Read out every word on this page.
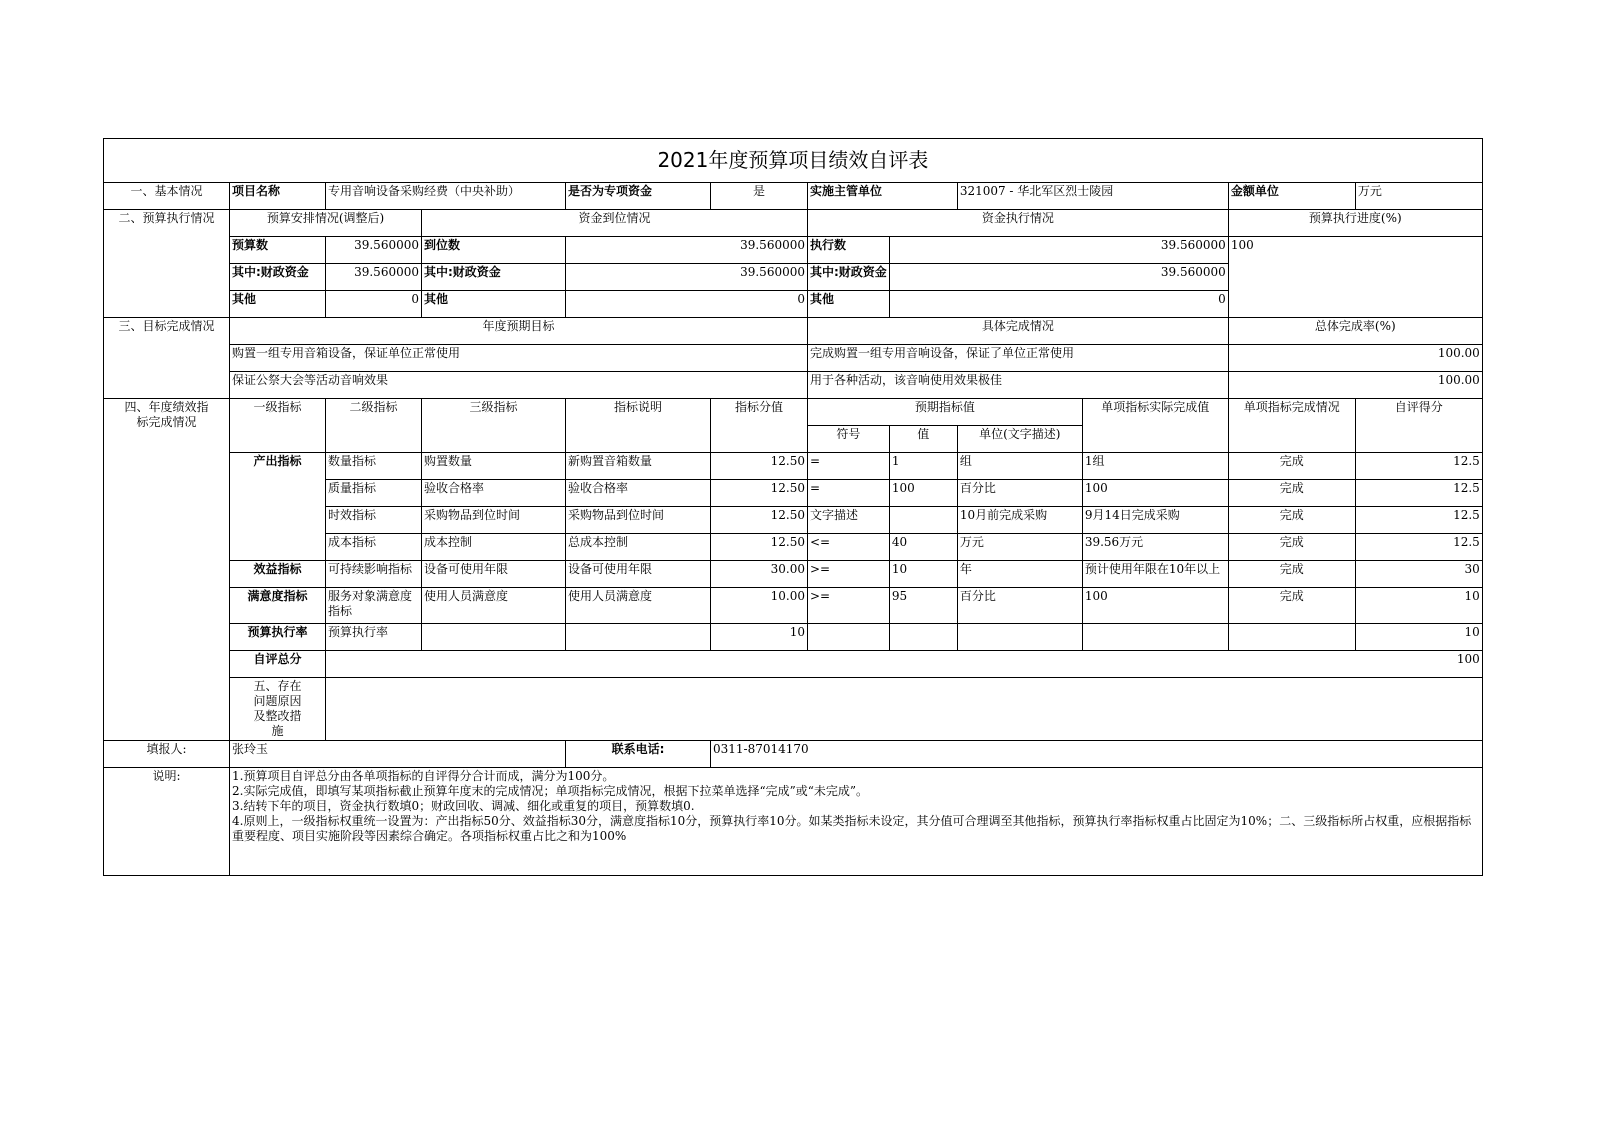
2021年度预算项目绩效自评表											
一、基本情况	项目名称	专用音响设备采购经费（中央补助）		是否为专项资金	是	实施主管单位		321007 - 华北军区烈士陵园		金额单位	万元
二、预算执行情况	预算安排情况(调整后)		资金到位情况			资金执行情况				预算执行进度(%)	
	预算数	39.560000	到位数	39.560000		执行数	39.560000			100	
	其中:财政资金	39.560000	其中:财政资金	39.560000		其中:财政资金	39.560000				
	其他	0	其他	0		其他	0				
三、目标完成情况	年度预期目标					具体完成情况				总体完成率(%)	
	购置一组专用音箱设备，保证单位正常使用					完成购置一组专用音响设备，保证了单位正常使用				100.00	
	保证公祭大会等活动音响效果					用于各种活动，该音响使用效果极佳				100.00	
四、年度绩效指标完成情况	一级指标	二级指标	三级指标	指标说明	指标分值	预期指标值			单项指标实际完成值	单项指标完成情况	自评得分
						符号	值	单位(文字描述)			
	产出指标	数量指标	购置数量	新购置音箱数量	12.50	=	1	组	1组	完成	12.5
		质量指标	验收合格率	验收合格率	12.50	=	100	百分比	100	完成	12.5
		时效指标	采购物品到位时间	采购物品到位时间	12.50	文字描述		10月前完成采购	9月14日完成采购	完成	12.5
		成本指标	成本控制	总成本控制	12.50	<=	40	万元	39.56万元	完成	12.5
	效益指标	可持续影响指标	设备可使用年限	设备可使用年限	30.00	>=	10	年	预计使用年限在10年以上	完成	30
	满意度指标	服务对象满意度指标	使用人员满意度	使用人员满意度	10.00	>=	95	百分比	100	完成	10
	预算执行率	预算执行率			10						10
	自评总分	100									
	五、存在问题原因及整改措施										
填报人:	张玲玉			联系电话:	0311-87014170						
说明:	1.预算项目自评总分由各单项指标的自评得分合计而成，满分为100分。
2.实际完成值，即填写某项指标截止预算年度末的完成情况；单项指标完成情况，根据下拉菜单选择“完成”或“未完成”。
3.结转下年的项目，资金执行数填0；财政回收、调减、细化或重复的项目，预算数填0.
4.原则上，一级指标权重统一设置为：产出指标50分、效益指标30分，满意度指标10分，预算执行率10分。如某类指标未设定，其分值可合理调至其他指标，预算执行率指标权重占比固定为10%；二、三级指标所占权重，应根据指标重要程度、项目实施阶段等因素综合确定。各项指标权重占比之和为100%										
